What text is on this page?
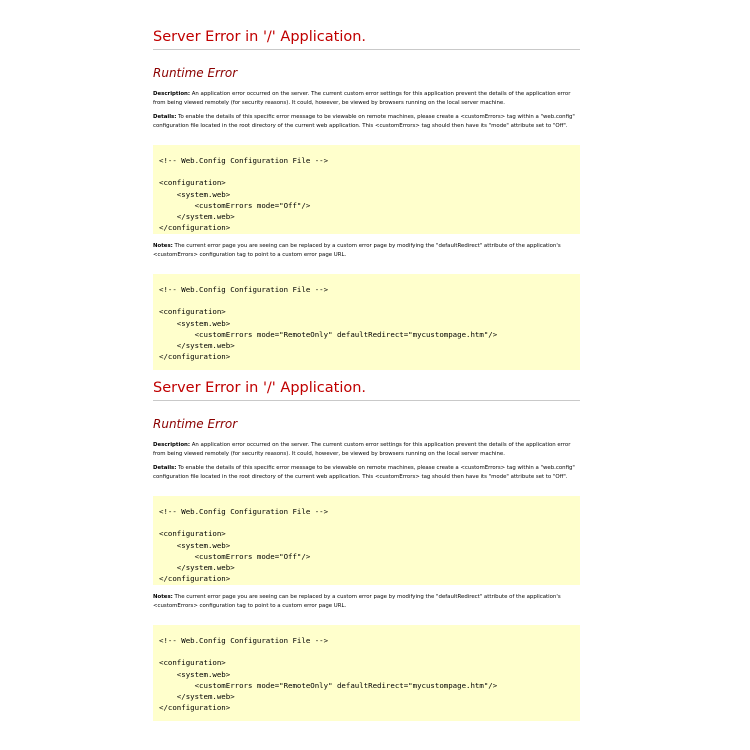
Server Error in '/' Application.
Runtime Error

Description: An application error occurred on the server. The current custom error settings for this application prevent the details of the application error from being viewed remotely (for security reasons). It could, however, be viewed by browsers running on the local server machine.

Details: To enable the details of this specific error message to be viewable on remote machines, please create a <customErrors> tag within a "web.config" configuration file located in the root directory of the current web application. This <customErrors> tag should then have its "mode" attribute set to "Off".

<!-- Web.Config Configuration File -->
<configuration>
<system.web>
<customErrors mode="Off"/>
</system.web>
</configuration>

Notes: The current error page you are seeing can be replaced by a custom error page by modifying the "defaultRedirect" attribute of the application's <customErrors> configuration tag to point to a custom error page URL.

<!-- Web.Config Configuration File -->
<configuration>
<system.web>
<customErrors mode="RemoteOnly" defaultRedirect="mycustompage.htm"/>
</system.web>
</configuration>
Server Error in '/' Application.
Runtime Error

Description: An application error occurred on the server. The current custom error settings for this application prevent the details of the application error from being viewed remotely (for security reasons). It could, however, be viewed by browsers running on the local server machine.

Details: To enable the details of this specific error message to be viewable on remote machines, please create a <customErrors> tag within a "web.config" configuration file located in the root directory of the current web application. This <customErrors> tag should then have its "mode" attribute set to "Off".

<!-- Web.Config Configuration File -->
<configuration>
<system.web>
<customErrors mode="Off"/>
</system.web>
</configuration>

Notes: The current error page you are seeing can be replaced by a custom error page by modifying the "defaultRedirect" attribute of the application's <customErrors> configuration tag to point to a custom error page URL.

<!-- Web.Config Configuration File -->
<configuration>
<system.web>
<customErrors mode="RemoteOnly" defaultRedirect="mycustompage.htm"/>
</system.web>
</configuration>
